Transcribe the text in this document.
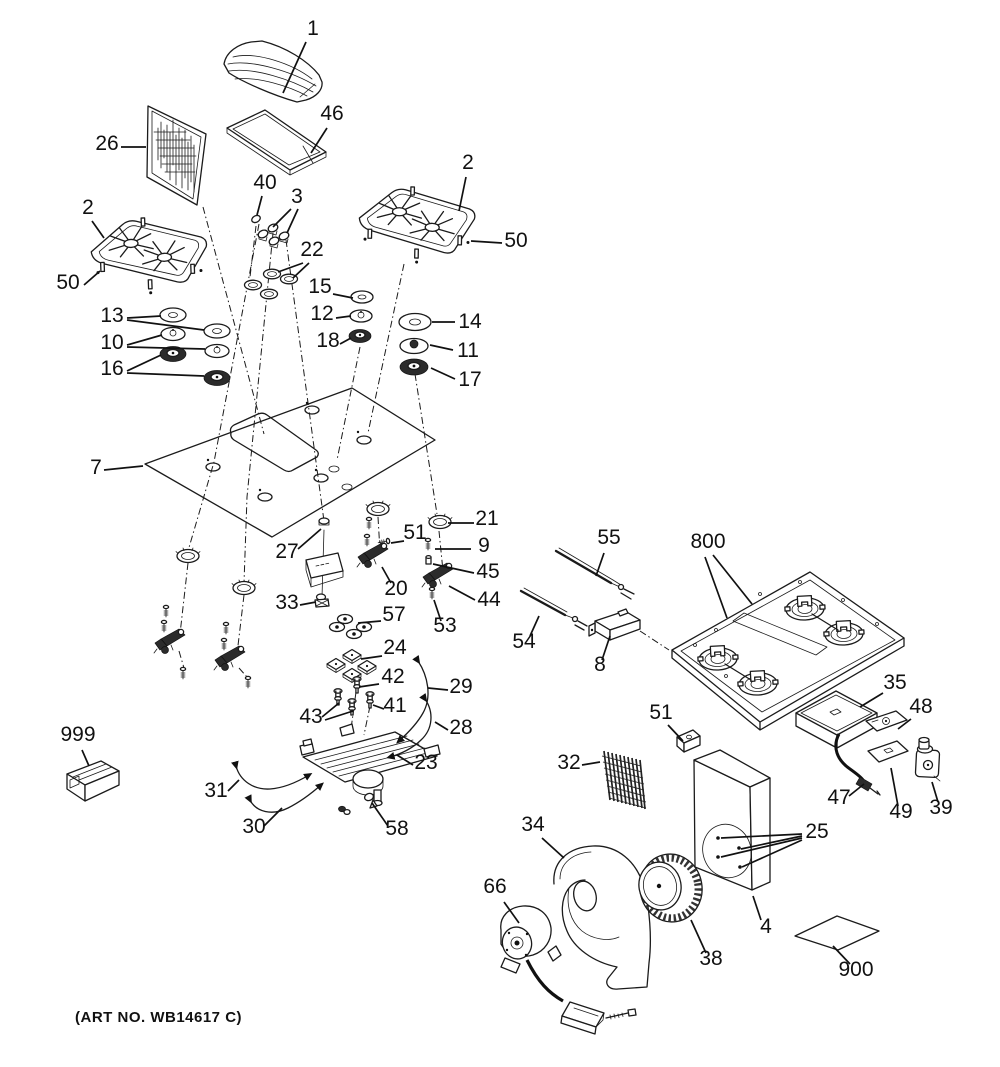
1
46
26
2
50
2
50
40
3
22
15
12
18
13
10
16
14
11
17
7
27
51
21
9
45
44
20
33
57 53
24
42 29
41
43	28
23
999
31
30	58
55
54
8
800
35
48
51
32
47
49 39
25
4
34
66
38	900
(ART NO. WB14617 C)
